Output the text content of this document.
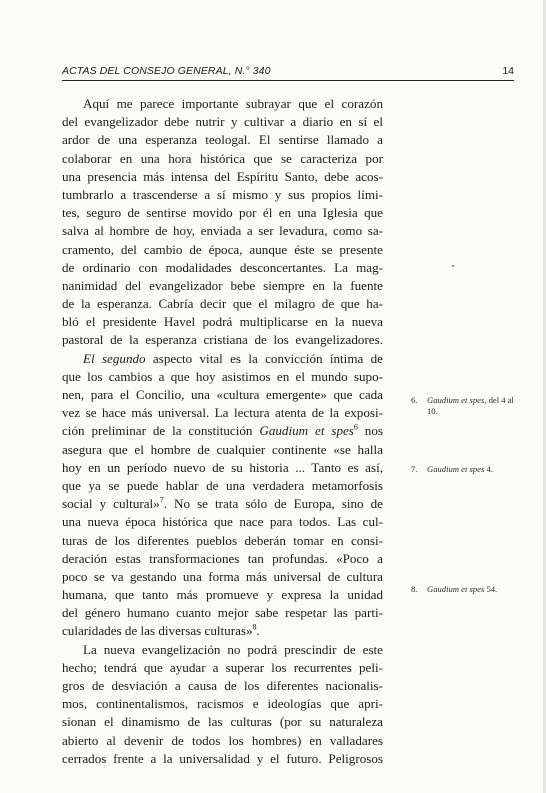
ACTAS DEL CONSEJO GENERAL, N.° 340	14
Aquí me parece importante subrayar que el corazón
del evangelizador debe nutrir y cultivar a diario en sí el
ardor de una esperanza teologal. El sentirse llamado a
colaborar en una hora histórica que se caracteriza por
una presencia más intensa del Espíritu Santo, debe acos-
tumbrarlo a trascenderse a sí mismo y sus propios lími-
tes, seguro de sentirse movido por él en una Iglesia que
salva al hombre de hoy, enviada a ser levadura, como sa-
cramento, del cambio de época, aunque éste se presente
de ordinario con modalidades desconcertantes. La mag-
nanimidad del evangelizador bebe siempre en la fuente
de la esperanza. Cabría decir que el milagro de que ha-
bló el presidente Havel podrá multiplicarse en la nueva
pastoral de la esperanza cristiana de los evangelizadores.
El segundo aspecto vital es la convicción íntima de
que los cambios a que hoy asistimos en el mundo supo-
nen, para el Concilio, una «cultura emergente» que cada
vez se hace más universal. La lectura atenta de la exposi-
ción preliminar de la constitución Gaudium et spes$^6$ nos
asegura que el hombre de cualquier continente «se halla
hoy en un período nuevo de su historia ... Tanto es así,
que ya se puede hablar de una verdadera metamorfosis
social y cultural»$^7$. No se trata sólo de Europa, sino de
una nueva época histórica que nace para todos. Las cul-
turas de los diferentes pueblos deberán tomar en consi-
deración estas transformaciones tan profundas. «Poco a
poco se va gestando una forma más universal de cultura
humana, que tanto más promueve y expresa la unidad
del género humano cuanto mejor sabe respetar las parti-
cularidades de las diversas culturas»$^8$.
La nueva evangelización no podrá prescindir de este
hecho; tendrá que ayudar a superar los recurrentes peli-
gros de desviación a causa de los diferentes nacionalis-
mos, continentalismos, racismos e ideologías que apri-
sionan el dinamismo de las culturas (por su naturaleza
abierto al devenir de todos los hombres) en valladares
cerrados frente a la universalidad y el futuro. Peligrosos
6. Gaudium et spes, del 4 al
10.
7. Gaudium et spes 4.
8. Gaudium et spes 54.
